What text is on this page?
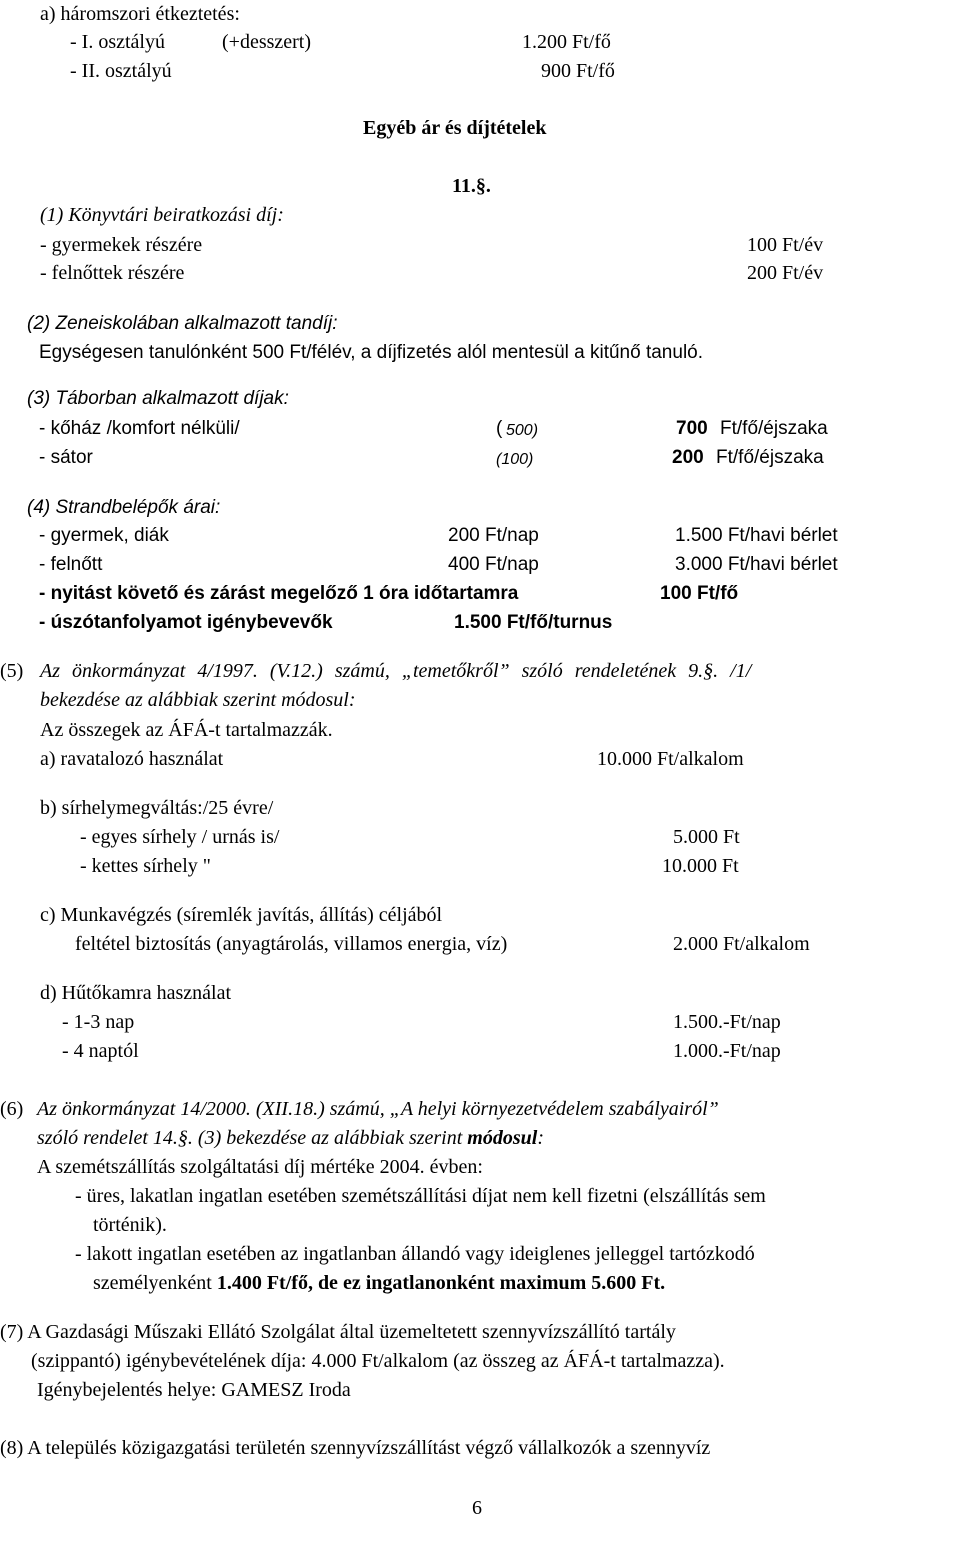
a) háromszori étkeztetés:
- I. osztályú	(+desszert)	1.200 Ft/fő
- II. osztályú	900 Ft/fő
Egyéb ár és díjtételek
11.§.
(1) Könyvtári beiratkozási díj:
- gyermekek részére	100 Ft/év
- felnőttek részére	200 Ft/év
(2) Zeneiskolában alkalmazott tandíj:
Egységesen tanulónként 500 Ft/félév, a díjfizetés alól mentesül a kitűnő tanuló.
(3) Táborban alkalmazott díjak:
- kőház /komfort nélküli/	( 500)	700 Ft/fő/éjszaka
- sátor	(100)	200 Ft/fő/éjszaka
(4) Strandbelépők árai:
- gyermek, diák	200 Ft/nap	1.500 Ft/havi bérlet
- felnőtt	400 Ft/nap	3.000 Ft/havi bérlet
- nyitást követő és zárást megelőző 1 óra időtartamra	100 Ft/fő
- úszótanfolyamot igénybevevők	1.500 Ft/fő/turnus
(5) Az önkormányzat 4/1997. (V.12.) számú, „temetőkről” szóló rendeletének 9.§. /1/
bekezdése az alábbiak szerint módosul:
Az összegek az ÁFÁ-t tartalmazzák.
a) ravatalozó használat	10.000 Ft/alkalom
b) sírhelymegváltás:/25 évre/
- egyes sírhely / urnás is/	5.000 Ft
- kettes sírhely "	10.000 Ft
c) Munkavégzés (síremlék javítás, állítás) céljából
feltétel biztosítás (anyagtárolás, villamos energia, víz)	2.000 Ft/alkalom
d) Hűtőkamra használat
- 1-3 nap	1.500.-Ft/nap
- 4 naptól	1.000.-Ft/nap
(6) Az önkormányzat 14/2000. (XII.18.) számú, „A helyi környezetvédelem szabályairól”
szóló rendelet 14.§. (3) bekezdése az alábbiak szerint módosul:
A szemétszállítás szolgáltatási díj mértéke 2004. évben:
- üres, lakatlan ingatlan esetében szemétszállítási díjat nem kell fizetni (elszállítás sem
történik).
- lakott ingatlan esetében az ingatlanban állandó vagy ideiglenes jelleggel tartózkodó
személyenként 1.400 Ft/fő, de ez ingatlanonként maximum 5.600 Ft.
(7) A Gazdasági Műszaki Ellátó Szolgálat által üzemeltetett szennyvízszállító tartály
(szippantó) igénybevételének díja: 4.000 Ft/alkalom (az összeg az ÁFÁ-t tartalmazza).
Igénybejelentés helye: GAMESZ Iroda
(8) A település közigazgatási területén szennyvízszállítást végző vállalkozók a szennyvíz
6
